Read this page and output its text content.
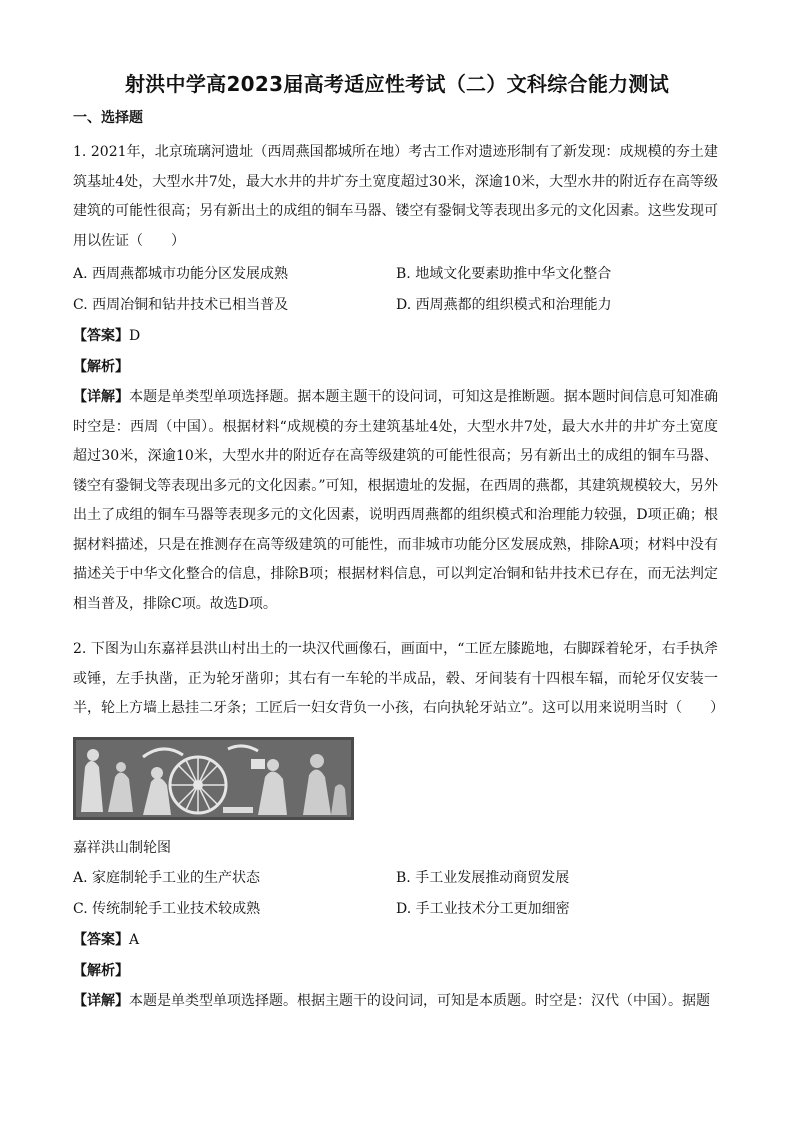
射洪中学高2023届高考适应性考试（二）文科综合能力测试
一、选择题
1. 2021年，北京琉璃河遗址（西周燕国都城所在地）考古工作对遗迹形制有了新发现：成规模的夯土建筑基址4处，大型水井7处，最大水井的井圹夯土宽度超过30米，深逾10米，大型水井的附近存在高等级建筑的可能性很高；另有新出土的成组的铜车马器、镂空有銎铜戈等表现出多元的文化因素。这些发现可用以佐证（　　）
A. 西周燕都城市功能分区发展成熟	B. 地域文化要素助推中华文化整合
C. 西周冶铜和钻井技术已相当普及	D. 西周燕都的组织模式和治理能力
【答案】D
【解析】
【详解】本题是单类型单项选择题。据本题主题干的设问词，可知这是推断题。据本题时间信息可知准确时空是：西周（中国）。根据材料“成规模的夯土建筑基址4处，大型水井7处，最大水井的井圹夯土宽度超过30米，深逾10米，大型水井的附近存在高等级建筑的可能性很高；另有新出土的成组的铜车马器、镂空有銎铜戈等表现出多元的文化因素。”可知，根据遗址的发掘，在西周的燕都，其建筑规模较大，另外出土了成组的铜车马器等表现多元的文化因素，说明西周燕都的组织模式和治理能力较强，D项正确；根据材料描述，只是在推测存在高等级建筑的可能性，而非城市功能分区发展成熟，排除A项；材料中没有描述关于中华文化整合的信息，排除B项；根据材料信息，可以判定冶铜和钻井技术已存在，而无法判定相当普及，排除C项。故选D项。
2. 下图为山东嘉祥县洪山村出土的一块汉代画像石，画面中，“工匠左膝跪地，右脚踩着轮牙，右手执斧或锤，左手执凿，正为轮牙凿卯；其右有一车轮的半成品，毂、牙间装有十四根车辐，而轮牙仅安装一半，轮上方墙上悬挂二牙条；工匠后一妇女背负一小孩，右向执轮牙站立”。这可以用来说明当时（　　）
嘉祥洪山制轮图
A. 家庭制轮手工业的生产状态	B. 手工业发展推动商贸发展
C. 传统制轮手工业技术较成熟	D. 手工业技术分工更加细密
【答案】A
【解析】
【详解】本题是单类型单项选择题。根据主题干的设问词，可知是本质题。时空是：汉代（中国）。据题
